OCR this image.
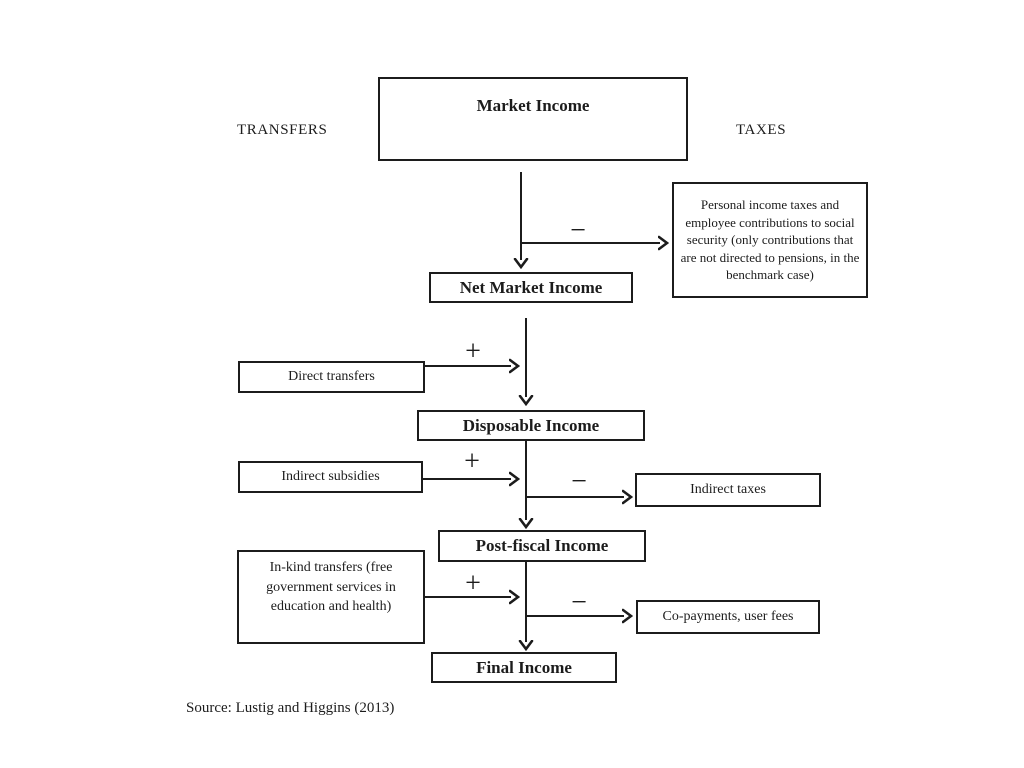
TRANSFERS	TAXES
Market Income
Net Market Income
Disposable Income
Post-fiscal Income
Final Income
Personal income taxes and employee contributions to social security (only contributions that are not directed to pensions, in the benchmark case)
Indirect taxes
Co-payments, user fees
Direct transfers
Indirect subsidies
In-kind transfers (free government services in education and health)
−
+
+
−
+
−
Source: Lustig and Higgins (2013)
